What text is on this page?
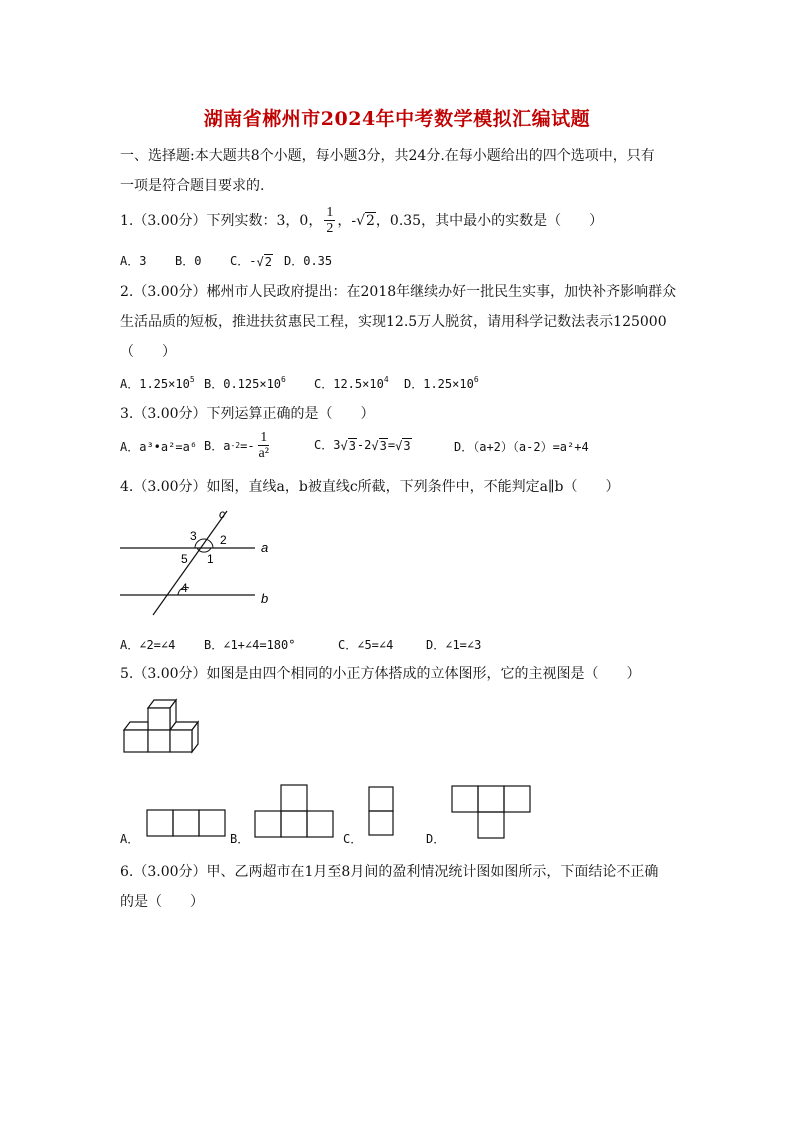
湖南省郴州市2024年中考数学模拟汇编试题
一、选择题:本大题共8个小题，每小题3分，共24分.在每小题给出的四个选项中，只有
一项是符合题目要求的.
1.（3.00分）下列实数：3，0， $\frac{1}{2}$ ， - √2 ，0.35，其中最小的实数是（　　）
A．3 B．0 C．-√2 D．0.35
2.（3.00分）郴州市人民政府提出：在2018年继续办好一批民生实事，加快补齐影响群众
生活品质的短板，推进扶贫惠民工程，实现12.5万人脱贫，请用科学记数法表示125000
（　　）
A．$1.25\times 10^5$ B．$0.125\times 10^6$ C．$12.5\times 10^4$ D．$1.25\times 10^6$
3.（3.00分）下列运算正确的是（　　）
A．a³•a²=a⁶ B．a $-2 =- \frac{1}{\text{a²}}$	C．3√3-2√3=√3	D．（a+2）（a-2）=a²+4
4.（3.00分）如图，直线a，b被直线c所截，下列条件中，不能判定a∥b（　　）
c
a
b
3 2
5 1
4
A．∠2=∠4 B．∠1+∠4=180°	C．∠5=∠4	D．∠1=∠3
5.（3.00分）如图是由四个相同的小正方体搭成的立体图形，它的主视图是（　　）
A．	B．	C．	D．
6.（3.00分）甲、乙两超市在1月至8月间的盈利情况统计图如图所示，下面结论不正确
的是（　　）
